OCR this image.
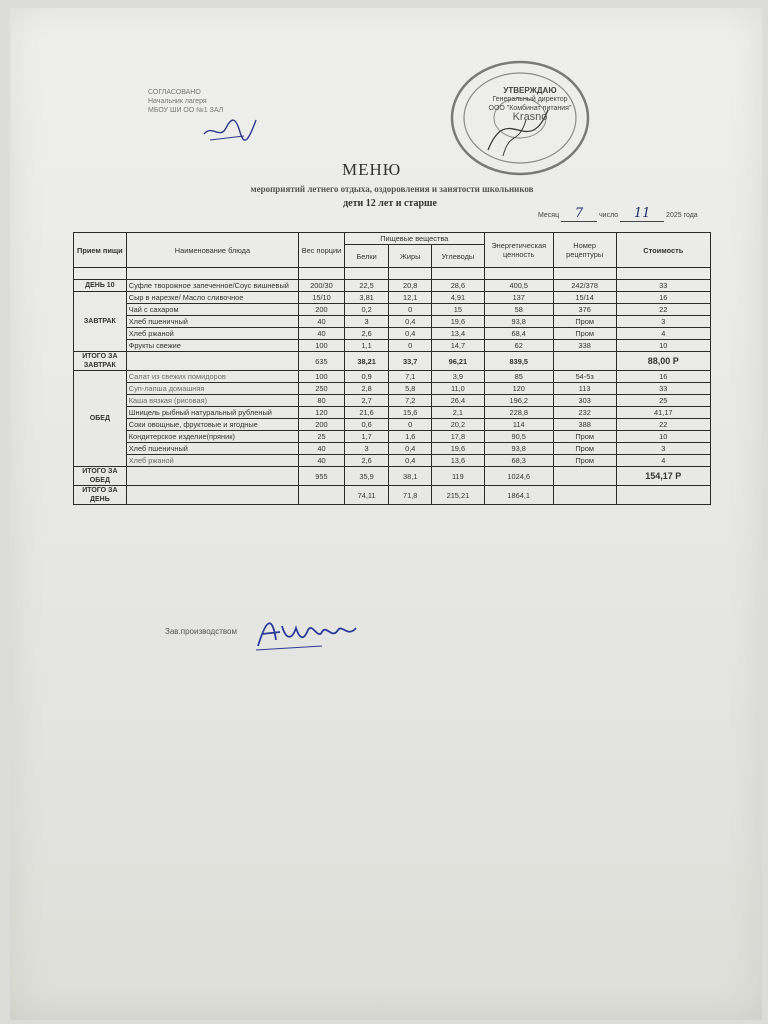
СОГЛАСОВАНО
Начальник лагеря
МБОУ ШИ ОО №1 ЗАЛ
УТВЕРЖДАЮ
Генеральный директор
ООО "Комбинат питания"
Krasno
МЕНЮ
мероприятий летнего отдыха, оздоровления и занятости школьников
дети 12 лет и старше
Месяц 7 число 11 2025 года
Прием пищи	Наименование блюда	Вес порции	Пищевые вещества			Энергетическая ценность	Номер рецептуры	Стоимость
			Белки	Жиры	Углеводы			

ДЕНЬ 10	Суфле творожное запеченное/Соус вишневый	200/30	22,5	20,8	28,6	400,5	242/378	33
ЗАВТРАК	Сыр в нарезке/ Масло сливочное	15/10	3,81	12,1	4,91	137	15/14	16
	Чай с сахаром	200	0,2	0	15	58	376	22
	Хлеб пшеничный	40	3	0,4	19,6	93,8	Пром	3
	Хлеб ржаной	40	2,6	0,4	13,4	68,4	Пром	4
	Фрукты свежие	100	1,1	0	14,7	62	338	10
ИТОГО ЗА ЗАВТРАК		635	38,21	33,7	96,21	839,5		88,00 Р
ОБЕД	Салат из свежих помидоров	100	0,9	7,1	3,9	85	54-5з	16
	Суп-лапша домашняя	250	2,8	5,8	11,0	120	113	33
	Каша вязкая (рисовая)	80	2,7	7,2	26,4	196,2	303	25
	Шницель рыбный натуральный рубленый	120	21,6	15,6	2,1	228,8	232	41,17
	Соки овощные, фруктовые и ягодные	200	0,6	0	20,2	114	388	22
	Кондитерское изделие(пряник)	25	1,7	1,6	17,8	90,5	Пром	10
	Хлеб пшеничный	40	3	0,4	19,6	93,8	Пром	3
	Хлеб ржаной	40	2,6	0,4	13,6	68,3	Пром	4
ИТОГО ЗА ОБЕД		955	35,9	38,1	119	1024,6		154,17 Р
ИТОГО ЗА ДЕНЬ			74,11	71,8	215,21	1864,1		
Зав.производством
